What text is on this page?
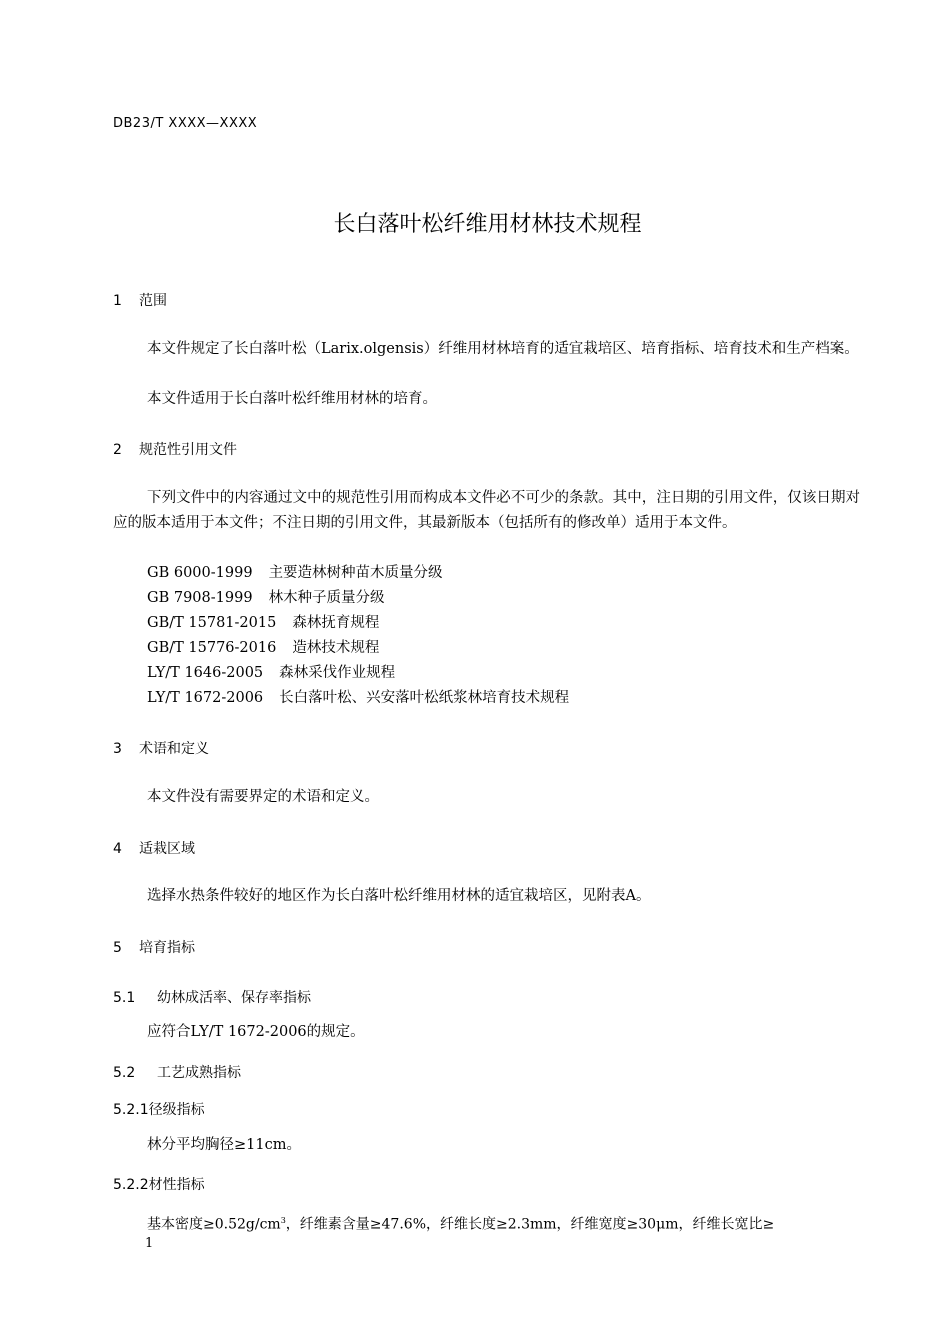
DB23/T XXXX—XXXX
长白落叶松纤维用材林技术规程
1 范围
本文件规定了长白落叶松（Larix.olgensis）纤维用材林培育的适宜栽培区、培育指标、培育技术和生产档案。
本文件适用于长白落叶松纤维用材林的培育。
2 规范性引用文件
下列文件中的内容通过文中的规范性引用而构成本文件必不可少的条款。其中，注日期的引用文件，仅该日期对应的版本适用于本文件；不注日期的引用文件，其最新版本（包括所有的修改单）适用于本文件。
GB 6000-1999 主要造林树种苗木质量分级
GB 7908-1999 林木种子质量分级
GB/T 15781-2015 森林抚育规程
GB/T 15776-2016 造林技术规程
LY/T 1646-2005 森林采伐作业规程
LY/T 1672-2006 长白落叶松、兴安落叶松纸浆林培育技术规程
3 术语和定义
本文件没有需要界定的术语和定义。
4 适栽区域
选择水热条件较好的地区作为长白落叶松纤维用材林的适宜栽培区，见附表A。
5 培育指标
5.1 幼林成活率、保存率指标
应符合LY/T 1672-2006的规定。
5.2 工艺成熟指标
5.2.1径级指标
林分平均胸径≥11cm。
5.2.2材性指标
基本密度$\ge 0.52g/cm^3$，纤维素含量≥47.6%，纤维长度≥2.3mm，纤维宽度≥30μm，纤维长宽比≥
1
